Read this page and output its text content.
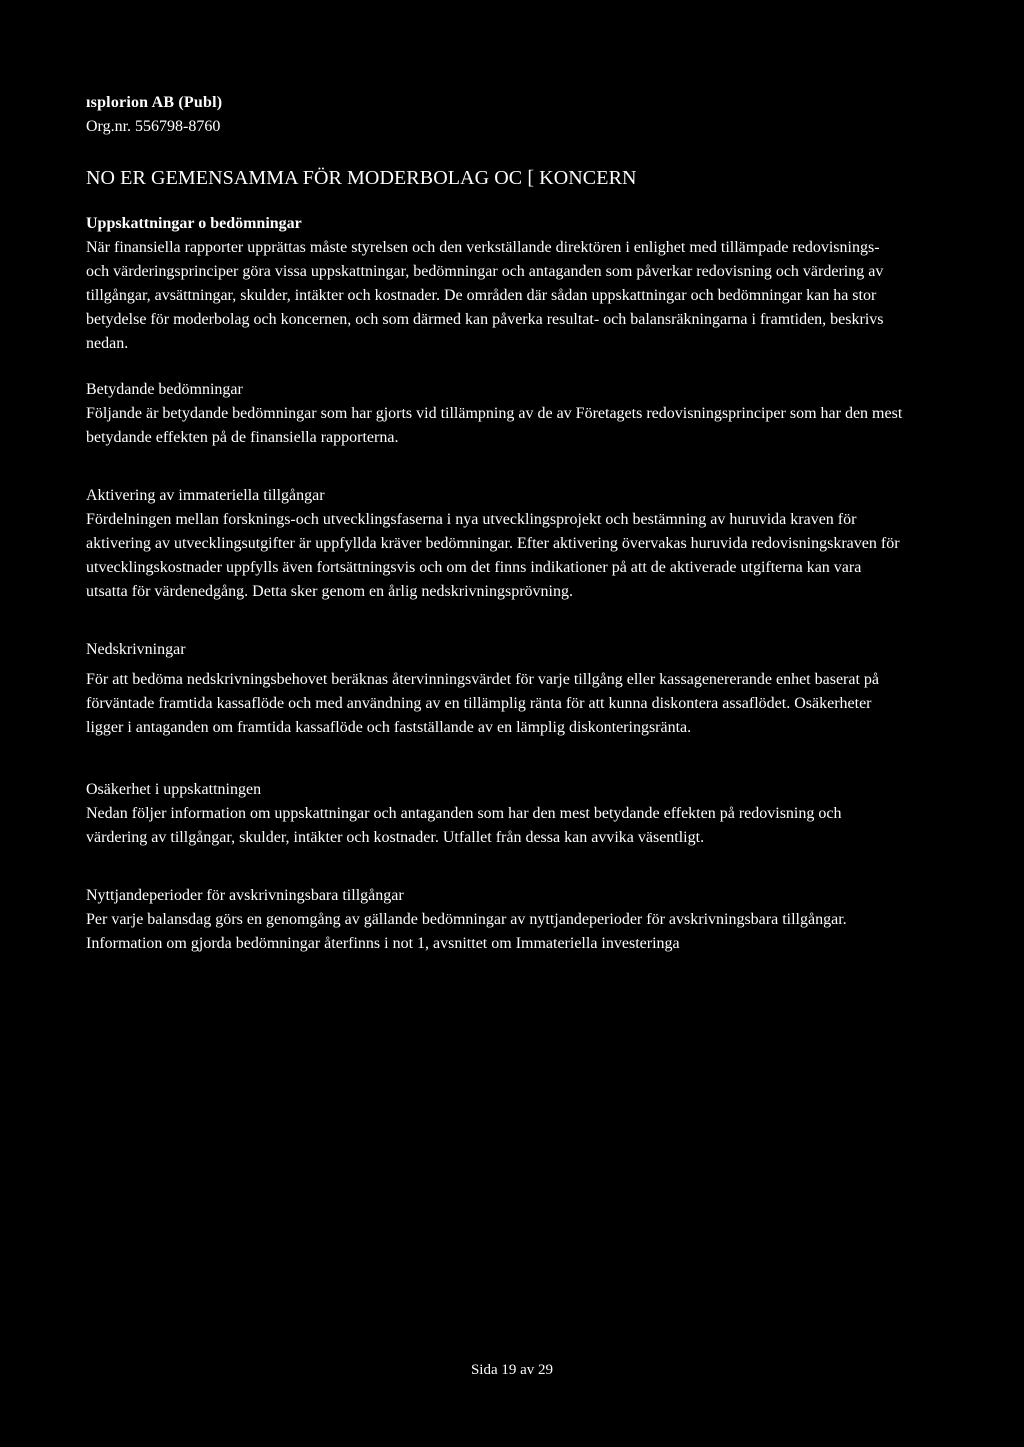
ısplorion AB (Publ)
Org.nr. 556798-8760
NO ER GEMENSAMMA FÖR MODERBOLAG OC [ KONCERN
Uppskattningar o bedömningar

När finansiella rapporter upprättas måste styrelsen och den verkställande direktören i enlighet med tillämpade redovisnings- och värderingsprinciper göra vissa uppskattningar, bedömningar och antaganden som påverkar redovisning och värdering av tillgångar, avsättningar, skulder, intäkter och kostnader. De områden där sådan uppskattningar och bedömningar kan ha stor betydelse för moderbolag och koncernen, och som därmed kan påverka resultat- och balansräkningarna i framtiden, beskrivs nedan.

Betydande bedömningar

Följande är betydande bedömningar som har gjorts vid tillämpning av de av Företagets redovisningsprinciper som har den mest betydande effekten på de finansiella rapporterna.

Aktivering av immateriella tillgångar

Fördelningen mellan forsknings-och utvecklingsfaserna i nya utvecklingsprojekt och bestämning av huruvida kraven för aktivering av utvecklingsutgifter är uppfyllda kräver bedömningar. Efter aktivering övervakas huruvida redovisningskraven för utvecklingskostnader uppfylls även fortsättningsvis och om det finns indikationer på att de aktiverade utgifterna kan vara utsatta för värdenedgång. Detta sker genom en årlig nedskrivningsprövning.

Nedskrivningar

För att bedöma nedskrivningsbehovet beräknas återvinningsvärdet för varje tillgång eller kassagenererande enhet baserat på förväntade framtida kassaflöde och med användning av en tillämplig ränta för att kunna diskontera assaflödet. Osäkerheter ligger i antaganden om framtida kassaflöde och fastställande av en lämplig diskonteringsränta.

Osäkerhet i uppskattningen

Nedan följer information om uppskattningar och antaganden som har den mest betydande effekten på redovisning och värdering av tillgångar, skulder, intäkter och kostnader. Utfallet från dessa kan avvika väsentligt.

Nyttjandeperioder för avskrivningsbara tillgångar

Per varje balansdag görs en genomgång av gällande bedömningar av nyttjandeperioder för avskrivningsbara tillgångar. Information om gjorda bedömningar återfinns i not 1, avsnittet om Immateriella investeringa

Sida 19 av 29
